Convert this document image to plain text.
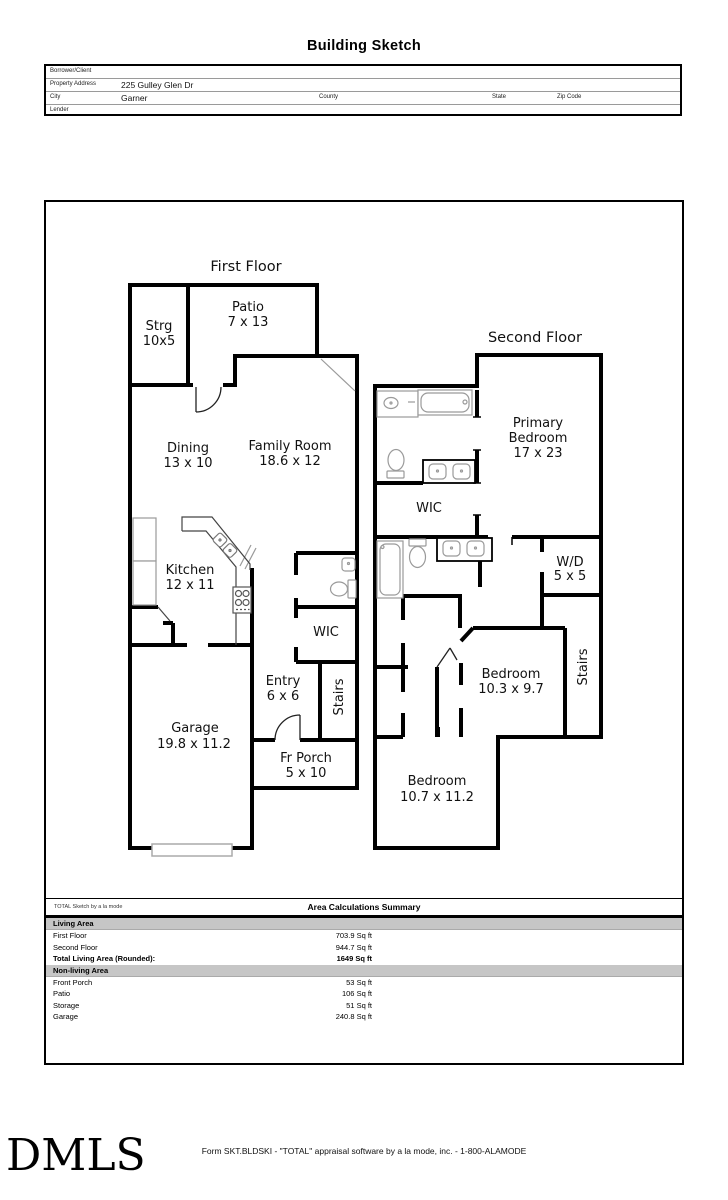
Building Sketch
Borrower/Client
Property Address	225 Gulley Glen Dr
City	Garner	County	State	Zip Code
Lender
First Floor
Strg
10x5
Patio
7 x 13
Dining
13 x 10
Family Room
18.6 x 12
Kitchen
12 x 11
WIC
Entry
6 x 6	Stairs
Garage
19.8 x 11.2
Fr Porch
5 x 10
Second Floor
Primary
Bedroom
17 x 23
WIC
W/D
5 x 5
Bedroom
10.3 x 9.7
Stairs
Bedroom
10.7 x 11.2
TOTAL Sketch by a la mode	Area Calculations Summary
Living Area
First Floor	703.9 Sq ft
Second Floor	944.7 Sq ft
Total Living Area (Rounded):	1649 Sq ft
Non-living Area
Front Porch	53 Sq ft
Patio	106 Sq ft
Storage	51 Sq ft
Garage	240.8 Sq ft
DMLS	Form SKT.BLDSKI - "TOTAL" appraisal software by a la mode, inc. - 1-800-ALAMODE
